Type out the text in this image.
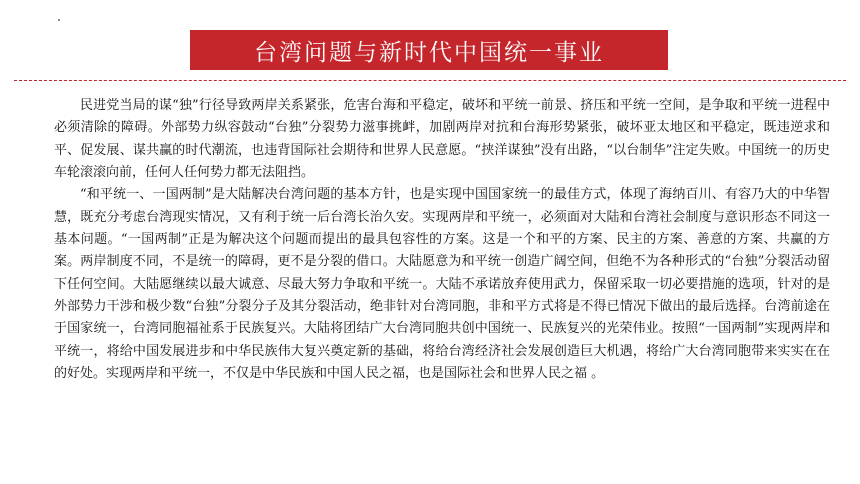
台湾问题与新时代中国统一事业

民进党当局的谋“独”行径导致两岸关系紧张，危害台海和平稳定，破坏和平统一前景、挤压和平统一空间，是争取和平统一进程中必须清除的障碍。外部势力纵容鼓动“台独”分裂势力滋事挑衅，加剧两岸对抗和台海形势紧张，破坏亚太地区和平稳定，既违逆求和平、促发展、谋共赢的时代潮流，也违背国际社会期待和世界人民意愿。“挟洋谋独”没有出路，“以台制华”注定失败。中国统一的历史车轮滚滚向前，任何人任何势力都无法阻挡。

“和平统一、一国两制”是大陆解决台湾问题的基本方针，也是实现中国国家统一的最佳方式，体现了海纳百川、有容乃大的中华智慧，既充分考虑台湾现实情况，又有利于统一后台湾长治久安。实现两岸和平统一，必须面对大陆和台湾社会制度与意识形态不同这一基本问题。“一国两制”正是为解决这个问题而提出的最具包容性的方案。这是一个和平的方案、民主的方案、善意的方案、共赢的方案。两岸制度不同，不是统一的障碍，更不是分裂的借口。大陆愿意为和平统一创造广阔空间，但绝不为各种形式的“台独”分裂活动留下任何空间。大陆愿继续以最大诚意、尽最大努力争取和平统一。大陆不承诺放弃使用武力，保留采取一切必要措施的选项，针对的是外部势力干涉和极少数“台独”分裂分子及其分裂活动，绝非针对台湾同胞，非和平方式将是不得已情况下做出的最后选择。台湾前途在于国家统一，台湾同胞福祉系于民族复兴。大陆将团结广大台湾同胞共创中国统一、民族复兴的光荣伟业。按照“一国两制”实现两岸和平统一，将给中国发展进步和中华民族伟大复兴奠定新的基础，将给台湾经济社会发展创造巨大机遇，将给广大台湾同胞带来实实在在的好处。实现两岸和平统一，不仅是中华民族和中国人民之福，也是国际社会和世界人民之福 。
